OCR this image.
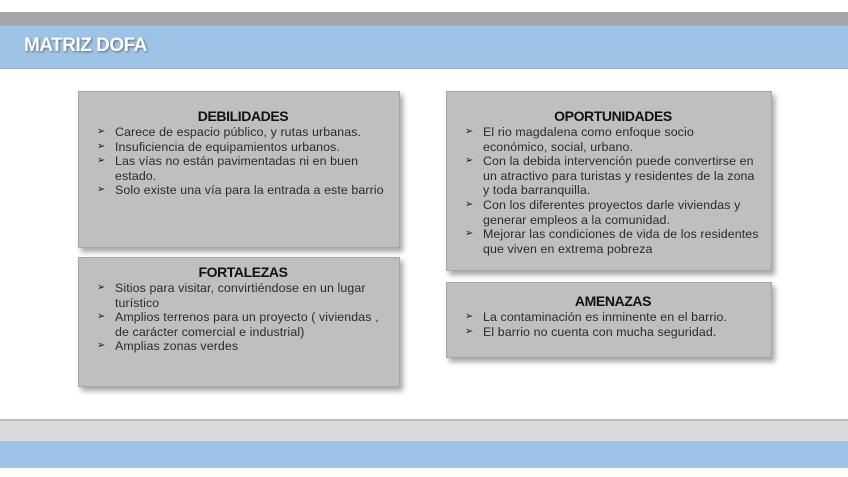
MATRIZ DOFA
DEBILIDADES
➢ Carece de espacio público, y rutas urbanas.
➢ Insuficiencia de equipamientos urbanos.
➢ Las vías no están pavimentadas ni en buen estado.
➢ Solo existe una vía para la entrada a este barrio
FORTALEZAS
➢ Sitios para visitar, convirtiéndose en un lugar turístico
➢ Amplios terrenos para un proyecto ( viviendas , de carácter comercial e industrial)
➢ Amplias zonas verdes
OPORTUNIDADES
➢ El rio magdalena como enfoque socio económico, social, urbano.
➢ Con la debida intervención puede convertirse en un atractivo para turistas y residentes de la zona y toda barranquilla.
➢ Con los diferentes proyectos darle viviendas y generar empleos a la comunidad.
➢ Mejorar las condiciones de vida de los residentes que viven en extrema pobreza
AMENAZAS
➢ La contaminación es inminente en el barrio.
➢ El barrio no cuenta con mucha seguridad.
